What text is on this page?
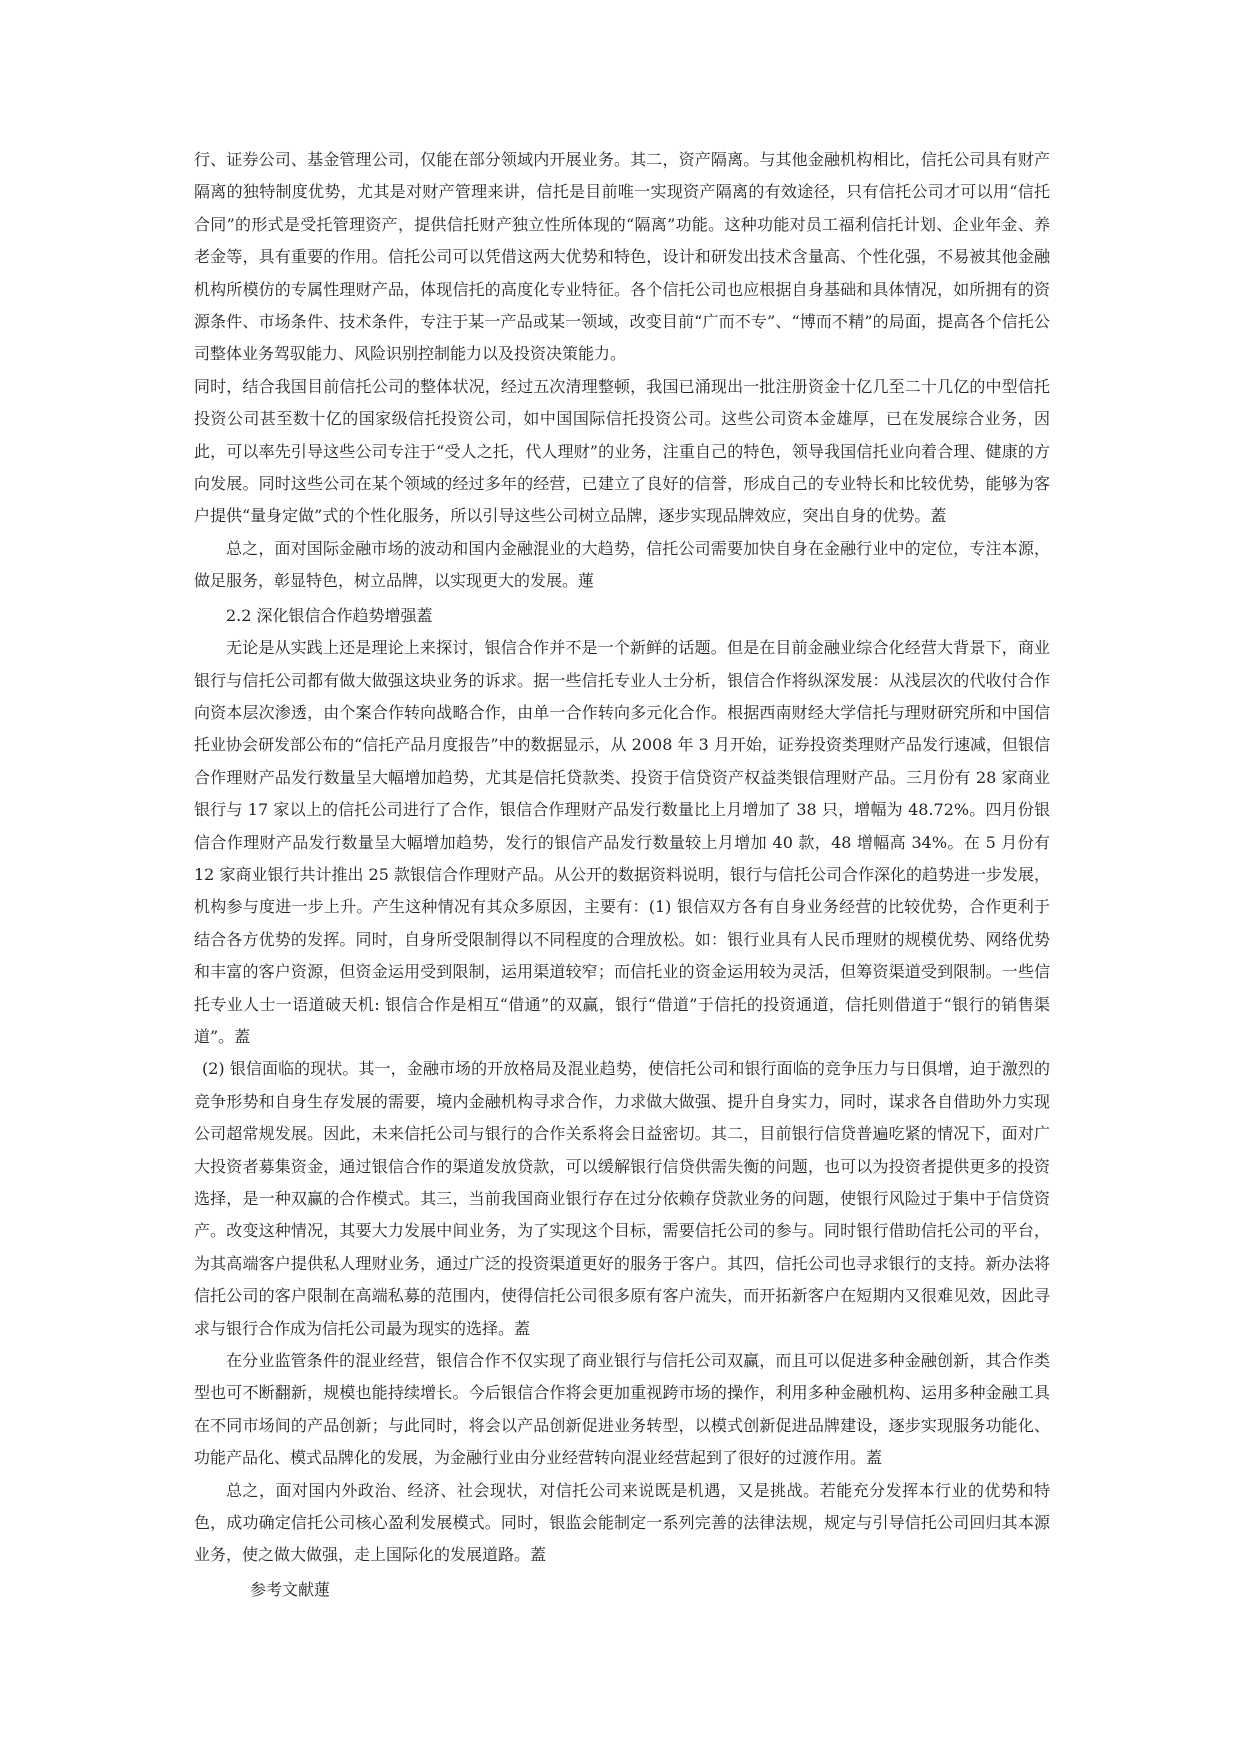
行、证券公司、基金管理公司，仅能在部分领域内开展业务。其二，资产隔离。与其他金融机构相比，信托公司具有财产隔离的独特制度优势，尤其是对财产管理来讲，信托是目前唯一实现资产隔离的有效途径，只有信托公司才可以用“信托合同”的形式是受托管理资产，提供信托财产独立性所体现的“隔离”功能。这种功能对员工福利信托计划、企业年金、养老金等，具有重要的作用。信托公司可以凭借这两大优势和特色，设计和研发出技术含量高、个性化强，不易被其他金融机构所模仿的专属性理财产品，体现信托的高度化专业特征。各个信托公司也应根据自身基础和具体情况，如所拥有的资源条件、市场条件、技术条件，专注于某一产品或某一领域，改变目前“广而不专”、“博而不精”的局面，提高各个信托公司整体业务驾驭能力、风险识别控制能力以及投资决策能力。

同时，结合我国目前信托公司的整体状况，经过五次清理整顿，我国已涌现出一批注册资金十亿几至二十几亿的中型信托投资公司甚至数十亿的国家级信托投资公司，如中国国际信托投资公司。这些公司资本金雄厚，已在发展综合业务，因此，可以率先引导这些公司专注于“受人之托，代人理财”的业务，注重自己的特色，领导我国信托业向着合理、健康的方向发展。同时这些公司在某个领域的经过多年的经营，已建立了良好的信誉，形成自己的专业特长和比较优势，能够为客户提供“量身定做”式的个性化服务，所以引导这些公司树立品牌，逐步实现品牌效应，突出自身的优势。蓋

总之，面对国际金融市场的波动和国内金融混业的大趋势，信托公司需要加快自身在金融行业中的定位，专注本源，做足服务，彰显特色，树立品牌，以实现更大的发展。蓮

2.2 深化银信合作趋势增强蓋

无论是从实践上还是理论上来探讨，银信合作并不是一个新鲜的话题。但是在目前金融业综合化经营大背景下，商业银行与信托公司都有做大做强这块业务的诉求。据一些信托专业人士分析，银信合作将纵深发展：从浅层次的代收付合作向资本层次渗透，由个案合作转向战略合作，由单一合作转向多元化合作。根据西南财经大学信托与理财研究所和中国信托业协会研发部公布的“信托产品月度报告”中的数据显示，从 2008 年 3 月开始，证券投资类理财产品发行速减，但银信合作理财产品发行数量呈大幅增加趋势，尤其是信托贷款类、投资于信贷资产权益类银信理财产品。三月份有 28 家商业银行与 17 家以上的信托公司进行了合作，银信合作理财产品发行数量比上月增加了 38 只，增幅为 48.72%。四月份银信合作理财产品发行数量呈大幅增加趋势，发行的银信产品发行数量较上月增加 40 款，48 增幅高 34%。在 5 月份有 12 家商业银行共计推出 25 款银信合作理财产品。从公开的数据资料说明，银行与信托公司合作深化的趋势进一步发展，机构参与度进一步上升。产生这种情况有其众多原因，主要有：(1) 银信双方各有自身业务经营的比较优势，合作更利于结合各方优势的发挥。同时，自身所受限制得以不同程度的合理放松。如：银行业具有人民币理财的规模优势、网络优势和丰富的客户资源，但资金运用受到限制，运用渠道较窄；而信托业的资金运用较为灵活，但筹资渠道受到限制。一些信托专业人士一语道破天机: 银信合作是相互“借通”的双赢，银行“借道”于信托的投资通道，信托则借道于“银行的销售渠道”。蓋

(2) 银信面临的现状。其一，金融市场的开放格局及混业趋势，使信托公司和银行面临的竞争压力与日俱增，迫于激烈的竞争形势和自身生存发展的需要，境内金融机构寻求合作，力求做大做强、提升自身实力，同时，谋求各自借助外力实现公司超常规发展。因此，未来信托公司与银行的合作关系将会日益密切。其二，目前银行信贷普遍吃紧的情况下，面对广大投资者募集资金，通过银信合作的渠道发放贷款，可以缓解银行信贷供需失衡的问题，也可以为投资者提供更多的投资选择，是一种双赢的合作模式。其三，当前我国商业银行存在过分依赖存贷款业务的问题，使银行风险过于集中于信贷资产。改变这种情况，其要大力发展中间业务，为了实现这个目标，需要信托公司的参与。同时银行借助信托公司的平台，为其高端客户提供私人理财业务，通过广泛的投资渠道更好的服务于客户。其四，信托公司也寻求银行的支持。新办法将信托公司的客户限制在高端私募的范围内，使得信托公司很多原有客户流失，而开拓新客户在短期内又很难见效，因此寻求与银行合作成为信托公司最为现实的选择。蓋

在分业监管条件的混业经营，银信合作不仅实现了商业银行与信托公司双赢，而且可以促进多种金融创新，其合作类型也可不断翻新，规模也能持续增长。今后银信合作将会更加重视跨市场的操作，利用多种金融机构、运用多种金融工具在不同市场间的产品创新；与此同时，将会以产品创新促进业务转型，以模式创新促进品牌建设，逐步实现服务功能化、功能产品化、模式品牌化的发展，为金融行业由分业经营转向混业经营起到了很好的过渡作用。蓋

总之，面对国内外政治、经济、社会现状，对信托公司来说既是机遇，又是挑战。若能充分发挥本行业的优势和特色，成功确定信托公司核心盈利发展模式。同时，银监会能制定一系列完善的法律法规，规定与引导信托公司回归其本源业务，使之做大做强，走上国际化的发展道路。蓋

参考文献蓮
